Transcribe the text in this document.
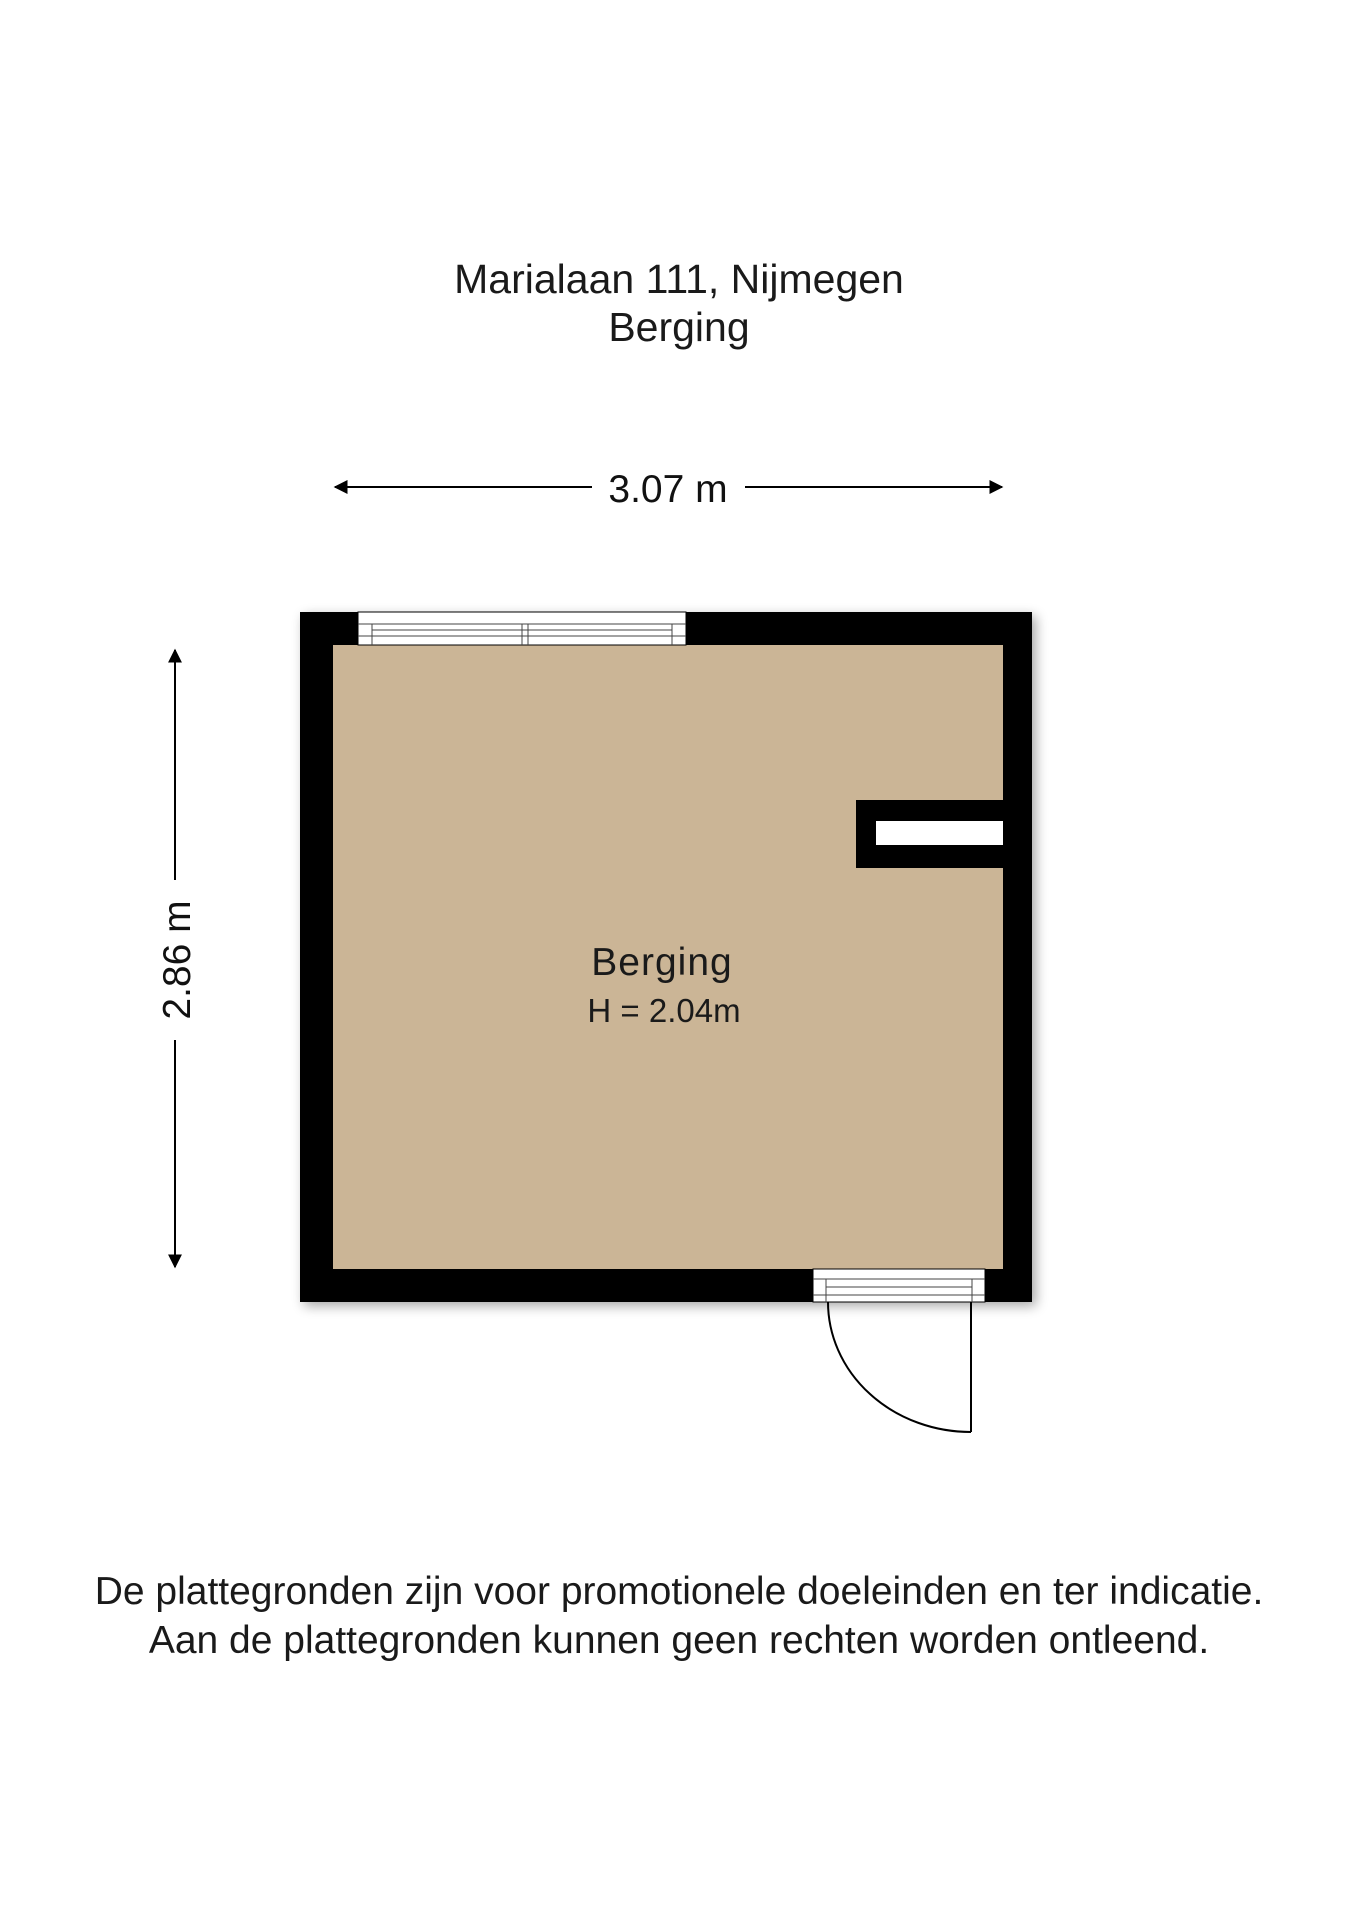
Marialaan 111, Nijmegen
Berging
3.07 m
2.86 m	Berging
H = 2.04m
De plattegronden zijn voor promotionele doeleinden en ter indicatie.
Aan de plattegronden kunnen geen rechten worden ontleend.
